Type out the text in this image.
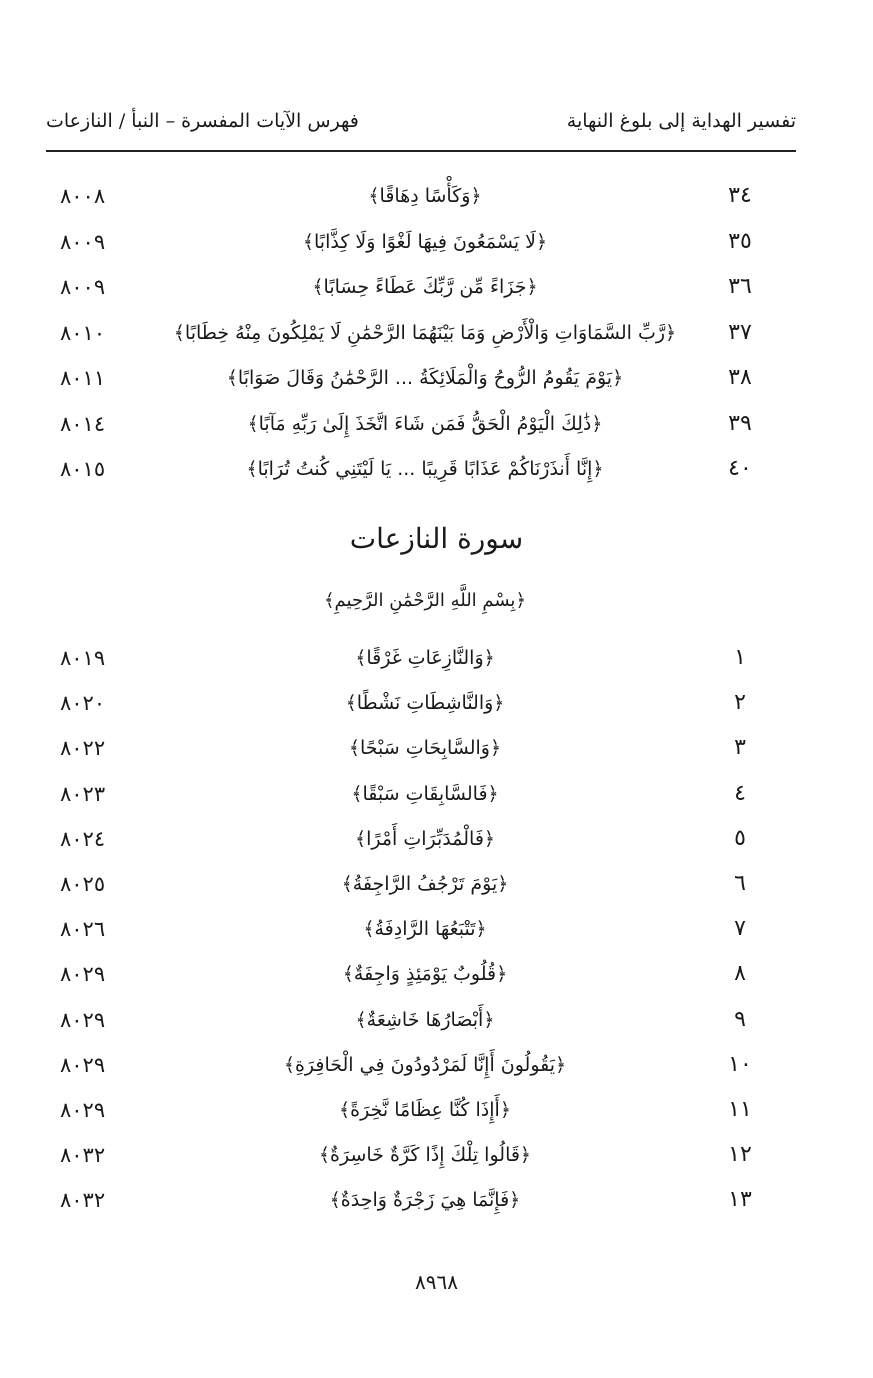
تفسير الهداية إلى بلوغ النهاية
فهرس الآيات المفسرة – النبأ / النازعات
٣٤
﴿وَكَأْسًا دِهَاقًا﴾
٨٠٠٨
٣٥
﴿لَا يَسْمَعُونَ فِيهَا لَغْوًا وَلَا كِذَّابًا﴾
٨٠٠٩
٣٦
﴿جَزَاءً مِّن رَّبِّكَ عَطَاءً حِسَابًا﴾
٨٠٠٩
٣٧
﴿رَّبِّ السَّمَاوَاتِ وَالْأَرْضِ وَمَا بَيْنَهُمَا الرَّحْمَٰنِ لَا يَمْلِكُونَ مِنْهُ خِطَابًا﴾
٨٠١٠
٣٨
﴿يَوْمَ يَقُومُ الرُّوحُ وَالْمَلَائِكَةُ ... الرَّحْمَٰنُ وَقَالَ صَوَابًا﴾
٨٠١١
٣٩
﴿ذَٰلِكَ الْيَوْمُ الْحَقُّ فَمَن شَاءَ اتَّخَذَ إِلَىٰ رَبِّهِ مَآبًا﴾
٨٠١٤
٤٠
﴿إِنَّا أَنذَرْنَاكُمْ عَذَابًا قَرِيبًا ... يَا لَيْتَنِي كُنتُ تُرَابًا﴾
٨٠١٥
سورة النازعات
﴿بِسْمِ اللَّهِ الرَّحْمَٰنِ الرَّحِيمِ﴾
١
﴿وَالنَّازِعَاتِ غَرْقًا﴾
٨٠١٩
٢
﴿وَالنَّاشِطَاتِ نَشْطًا﴾
٨٠٢٠
٣
﴿وَالسَّابِحَاتِ سَبْحًا﴾
٨٠٢٢
٤
﴿فَالسَّابِقَاتِ سَبْقًا﴾
٨٠٢٣
٥
﴿فَالْمُدَبِّرَاتِ أَمْرًا﴾
٨٠٢٤
٦
﴿يَوْمَ تَرْجُفُ الرَّاجِفَةُ﴾
٨٠٢٥
٧
﴿تَتْبَعُهَا الرَّادِفَةُ﴾
٨٠٢٦
٨
﴿قُلُوبٌ يَوْمَئِذٍ وَاجِفَةٌ﴾
٨٠٢٩
٩
﴿أَبْصَارُهَا خَاشِعَةٌ﴾
٨٠٢٩
١٠
﴿يَقُولُونَ أَإِنَّا لَمَرْدُودُونَ فِي الْحَافِرَةِ﴾
٨٠٢٩
١١
﴿أَإِذَا كُنَّا عِظَامًا نَّخِرَةً﴾
٨٠٢٩
١٢
﴿قَالُوا تِلْكَ إِذًا كَرَّةٌ خَاسِرَةٌ﴾
٨٠٣٢
١٣
﴿فَإِنَّمَا هِيَ زَجْرَةٌ وَاحِدَةٌ﴾
٨٠٣٢
٨٩٦٨
